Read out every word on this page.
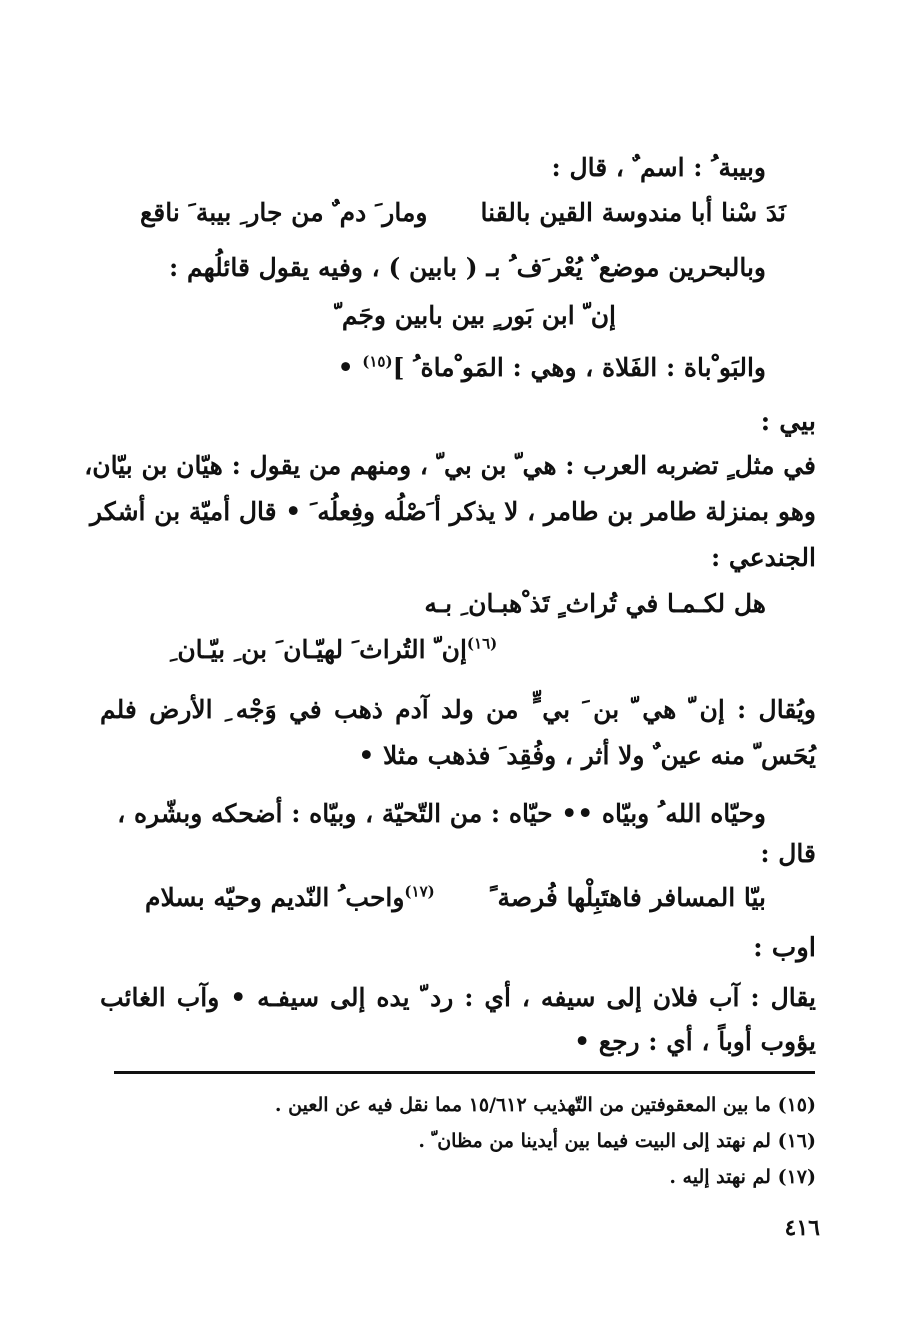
وبيبة ُ : اسم ٌ ، قال :
نَدَ سْنا أبا مندوسة القين بالقنا
ومار َ دم ٌ من جار ِ بيبة َ ناقع
وبالبحرين موضع ٌ يُعْر َف ُ بـ ( بابين ) ، وفيه يقول قائلُهم :
إن ّ ابن بَور ٍ بين بابين وجَم ّ
والبَو ْباة : الفَلاة ، وهي : المَو ْماة ُ ]$^{(١٥)}$ •
بيي :
في مثل ٍ تضربه العرب : هي ّ بن بي ّ ، ومنهم من يقول : هيّان بن بيّان،
وهو بمنزلة طامر بن طامر ، لا يذكر أ َصْلُه وفِعلُه َ • قال أميّة بن أشكر
الجندعي :
هل لكـمـا في تُراث ٍ تَذ ْهبـان ِ بـه
$^{(١٦)}$إن ّ التُراث َ لهيّـان َ بن ِ بيّـان ِ
ويُقال : إن ّ هي ّ بن َ بي ٍّ من ولد آدم ذهب في وَجْه ِ الأرض فلم
يُحَس ّ منه عين ٌ ولا أثر ، وفُقِد َ فذهب مثلا •
وحيّاه الله ُ وبيّاه •• حيّاه : من التّحيّة ، وبيّاه : أضحكه وبشّره ،
قال :
بيّا المسافر فاهتَبِلْها فُرصة ً
$^{(١٧)}$واحب ُ النّديم وحيّه بسلام
اوب :
يقال : آب فلان إلى سيفه ، أي : رد ّ يده إلى سيفـه • وآب الغائب
يؤوب أوباً ، أي : رجع •
(١٥) ما بين المعقوفتين من التّهذيب ١٥/٦١٢ مما نقل فيه عن العين .
(١٦) لم نهتد إلى البيت فيما بين أيدينا من مظان ّ .
(١٧) لم نهتد إليه .
٤١٦
